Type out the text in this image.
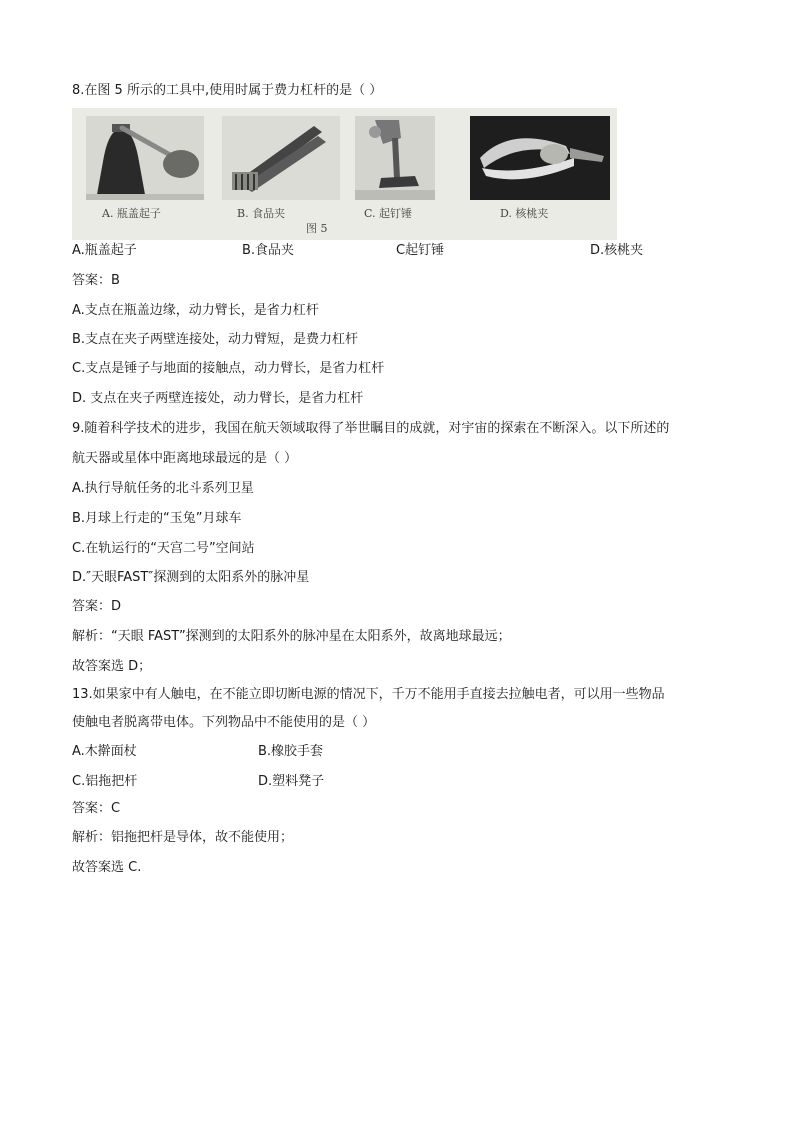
8.在图 5 所示的工具中,使用时属于费力杠杆的是（ ）
A. 瓶盖起子	B. 食品夹	C. 起钉锤	D. 核桃夹
图 5
A.瓶盖起子	B.食品夹	C起钉锤	D.核桃夹
答案：B
A.支点在瓶盖边缘，动力臂长，是省力杠杆
B.支点在夹子两壁连接处，动力臂短，是费力杠杆
C.支点是锤子与地面的接触点，动力臂长，是省力杠杆
D. 支点在夹子两壁连接处，动力臂长，是省力杠杆
9.随着科学技术的进步，我国在航天领域取得了举世瞩目的成就，对宇宙的探索在不断深入。以下所述的
航天器或星体中距离地球最远的是（ ）
A.执行导航任务的北斗系列卫星
B.月球上行走的“玉兔”月球车
C.在轨运行的“天宫二号”空间站
D.″天眼FAST″探测到的太阳系外的脉冲星
答案：D
解析：“天眼 FAST”探测到的太阳系外的脉冲星在太阳系外，故离地球最远；
故答案选 D；
13.如果家中有人触电，在不能立即切断电源的情况下，千万不能用手直接去拉触电者，可以用一些物品
使触电者脱离带电体。下列物品中不能使用的是（ ）
A.木擀面杖	B.橡胶手套
C.铝拖把杆	D.塑料凳子
答案：C
解析：铝拖把杆是导体，故不能使用；
故答案选 C.
